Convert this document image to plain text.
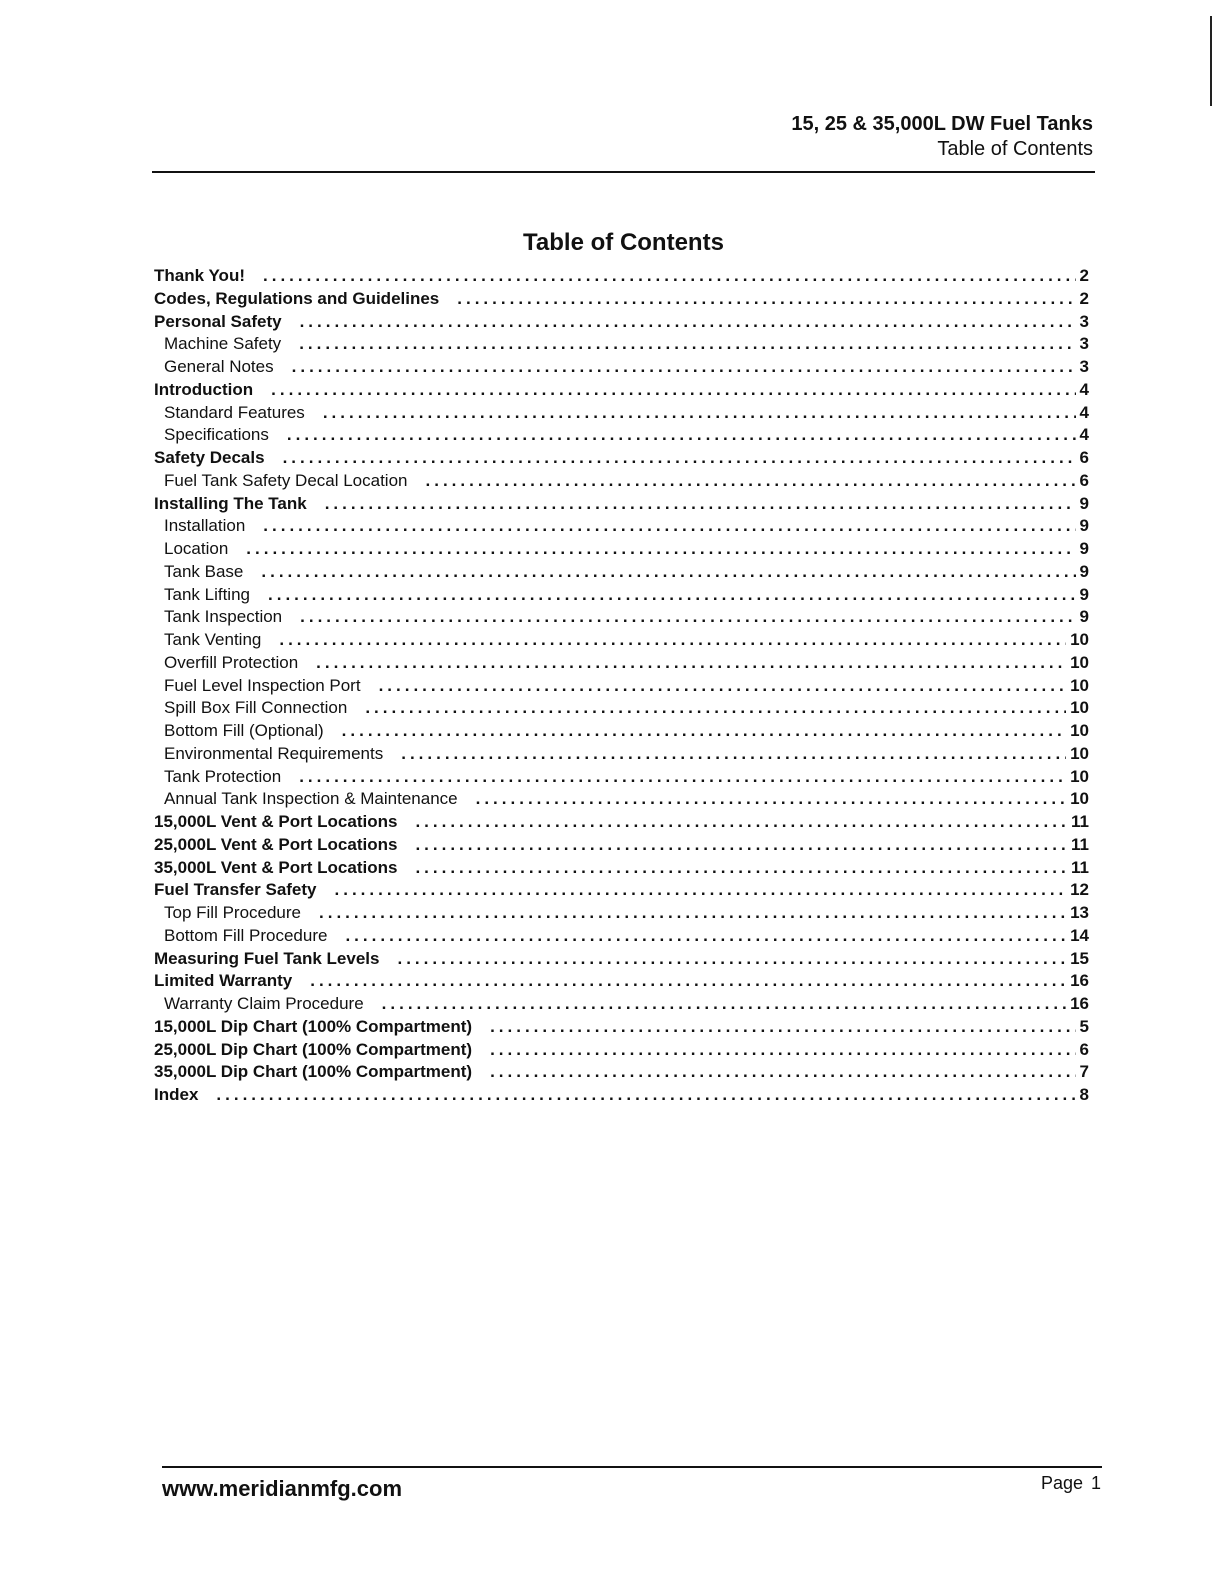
15, 25 & 35,000L DW Fuel Tanks
Table of Contents
Table of Contents
Thank You! .....	2
Codes, Regulations and Guidelines .....	2
Personal Safety .....	3
Machine Safety .....	3
General Notes .....	3
Introduction .....	4
Standard Features .....	4
Specifications .....	4
Safety Decals .....	6
Fuel Tank Safety Decal Location .....	6
Installing The Tank .....	9
Installation .....	9
Location .....	9
Tank Base .....	9
Tank Lifting .....	9
Tank Inspection .....	9
Tank Venting .....	10
Overfill Protection .....	10
Fuel Level Inspection Port .....	10
Spill Box Fill Connection .....	10
Bottom Fill (Optional) .....	10
Environmental Requirements .....	10
Tank Protection .....	10
Annual Tank Inspection & Maintenance .....	10
15,000L Vent & Port Locations .....	11
25,000L Vent & Port Locations .....	11
35,000L Vent & Port Locations .....	11
Fuel Transfer Safety .....	12
Top Fill Procedure .....	13
Bottom Fill Procedure .....	14
Measuring Fuel Tank Levels .....	15
Limited Warranty .....	16
Warranty Claim Procedure .....	16
15,000L Dip Chart (100% Compartment) .....	5
25,000L Dip Chart (100% Compartment) .....	6
35,000L Dip Chart (100% Compartment) .....	7
Index .....	8
www.meridianmfg.com	Page 1
